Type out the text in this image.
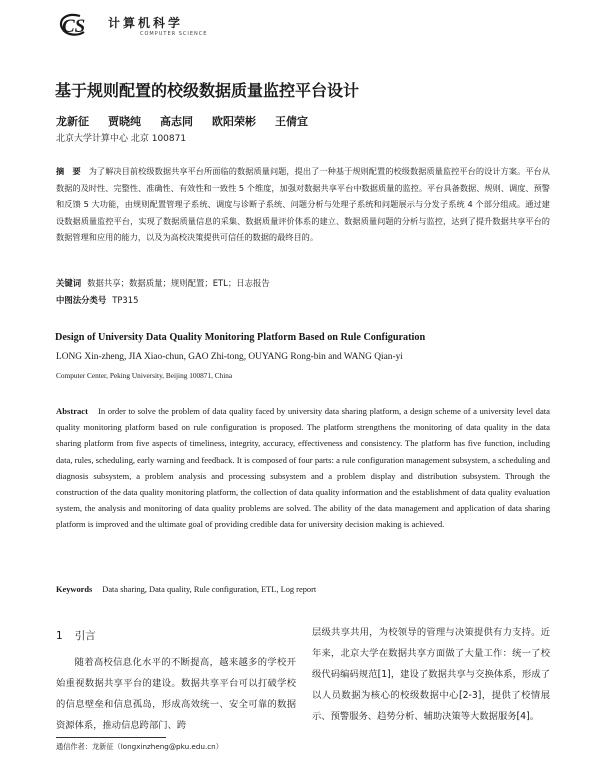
CS 计算机科学
COMPUTER SCIENCE
基于规则配置的校级数据质量监控平台设计
龙新征 贾晓纯 高志同 欧阳荣彬 王倩宜
北京大学计算中心 北京 100871
摘　要 为了解决目前校级数据共享平台所面临的数据质量问题，提出了一种基于规则配置的校级数据质量监控平台的设计方案。平台从数据的及时性、完整性、准确性、有效性和一致性 5 个维度，加强对数据共享平台中数据质量的监控。平台具备数据、规则、调度、预警和反馈 5 大功能，由规则配置管理子系统、调度与诊断子系统、问题分析与处理子系统和问题展示与分发子系统 4 个部分组成。通过建设数据质量监控平台，实现了数据质量信息的采集、数据质量评价体系的建立、数据质量问题的分析与监控，达到了提升数据共享平台的数据管理和应用的能力，以及为高校决策提供可信任的数据的最终目的。
关键词 数据共享；数据质量；规则配置；ETL；日志报告
中图法分类号 TP315
Design of University Data Quality Monitoring Platform Based on Rule Configuration
LONG Xin-zheng, JIA Xiao-chun, GAO Zhi-tong, OUYANG Rong-bin and WANG Qian-yi
Computer Center, Peking University, Beijing 100871, China
Abstract In order to solve the problem of data quality faced by university data sharing platform, a design scheme of a university level data quality monitoring platform based on rule configuration is proposed. The platform strengthens the monitoring of data quality in the data sharing platform from five aspects of timeliness, integrity, accuracy, effectiveness and consistency. The platform has five function, including data, rules, scheduling, early warning and feedback. It is composed of four parts: a rule configuration management subsystem, a scheduling and diagnosis subsystem, a problem analysis and processing subsystem and a problem display and distribution subsystem. Through the construction of the data quality monitoring platform, the collection of data quality information and the establishment of data quality evaluation system, the analysis and monitoring of data quality problems are solved. The ability of the data management and application of data sharing platform is improved and the ultimate goal of providing credible data for university decision making is achieved.
Keywords Data sharing, Data quality, Rule configuration, ETL, Log report
1 引言
随着高校信息化水平的不断提高，越来越多的学校开始重视数据共享平台的建设。数据共享平台可以打破学校的信息壁垒和信息孤岛，形成高效统一、安全可靠的数据资源体系，推动信息跨部门、跨
层级共享共用，为校领导的管理与决策提供有力支持。近年来，北京大学在数据共享方面做了大量工作：统一了校级代码编码规范[1]，建设了数据共享与交换体系，形成了以人员数据为核心的校级数据中心[2-3]，提供了校情展示、预警服务、趋势分析、辅助决策等大数据服务[4]。
通信作者：龙新征（longxinzheng@pku.edu.cn）
